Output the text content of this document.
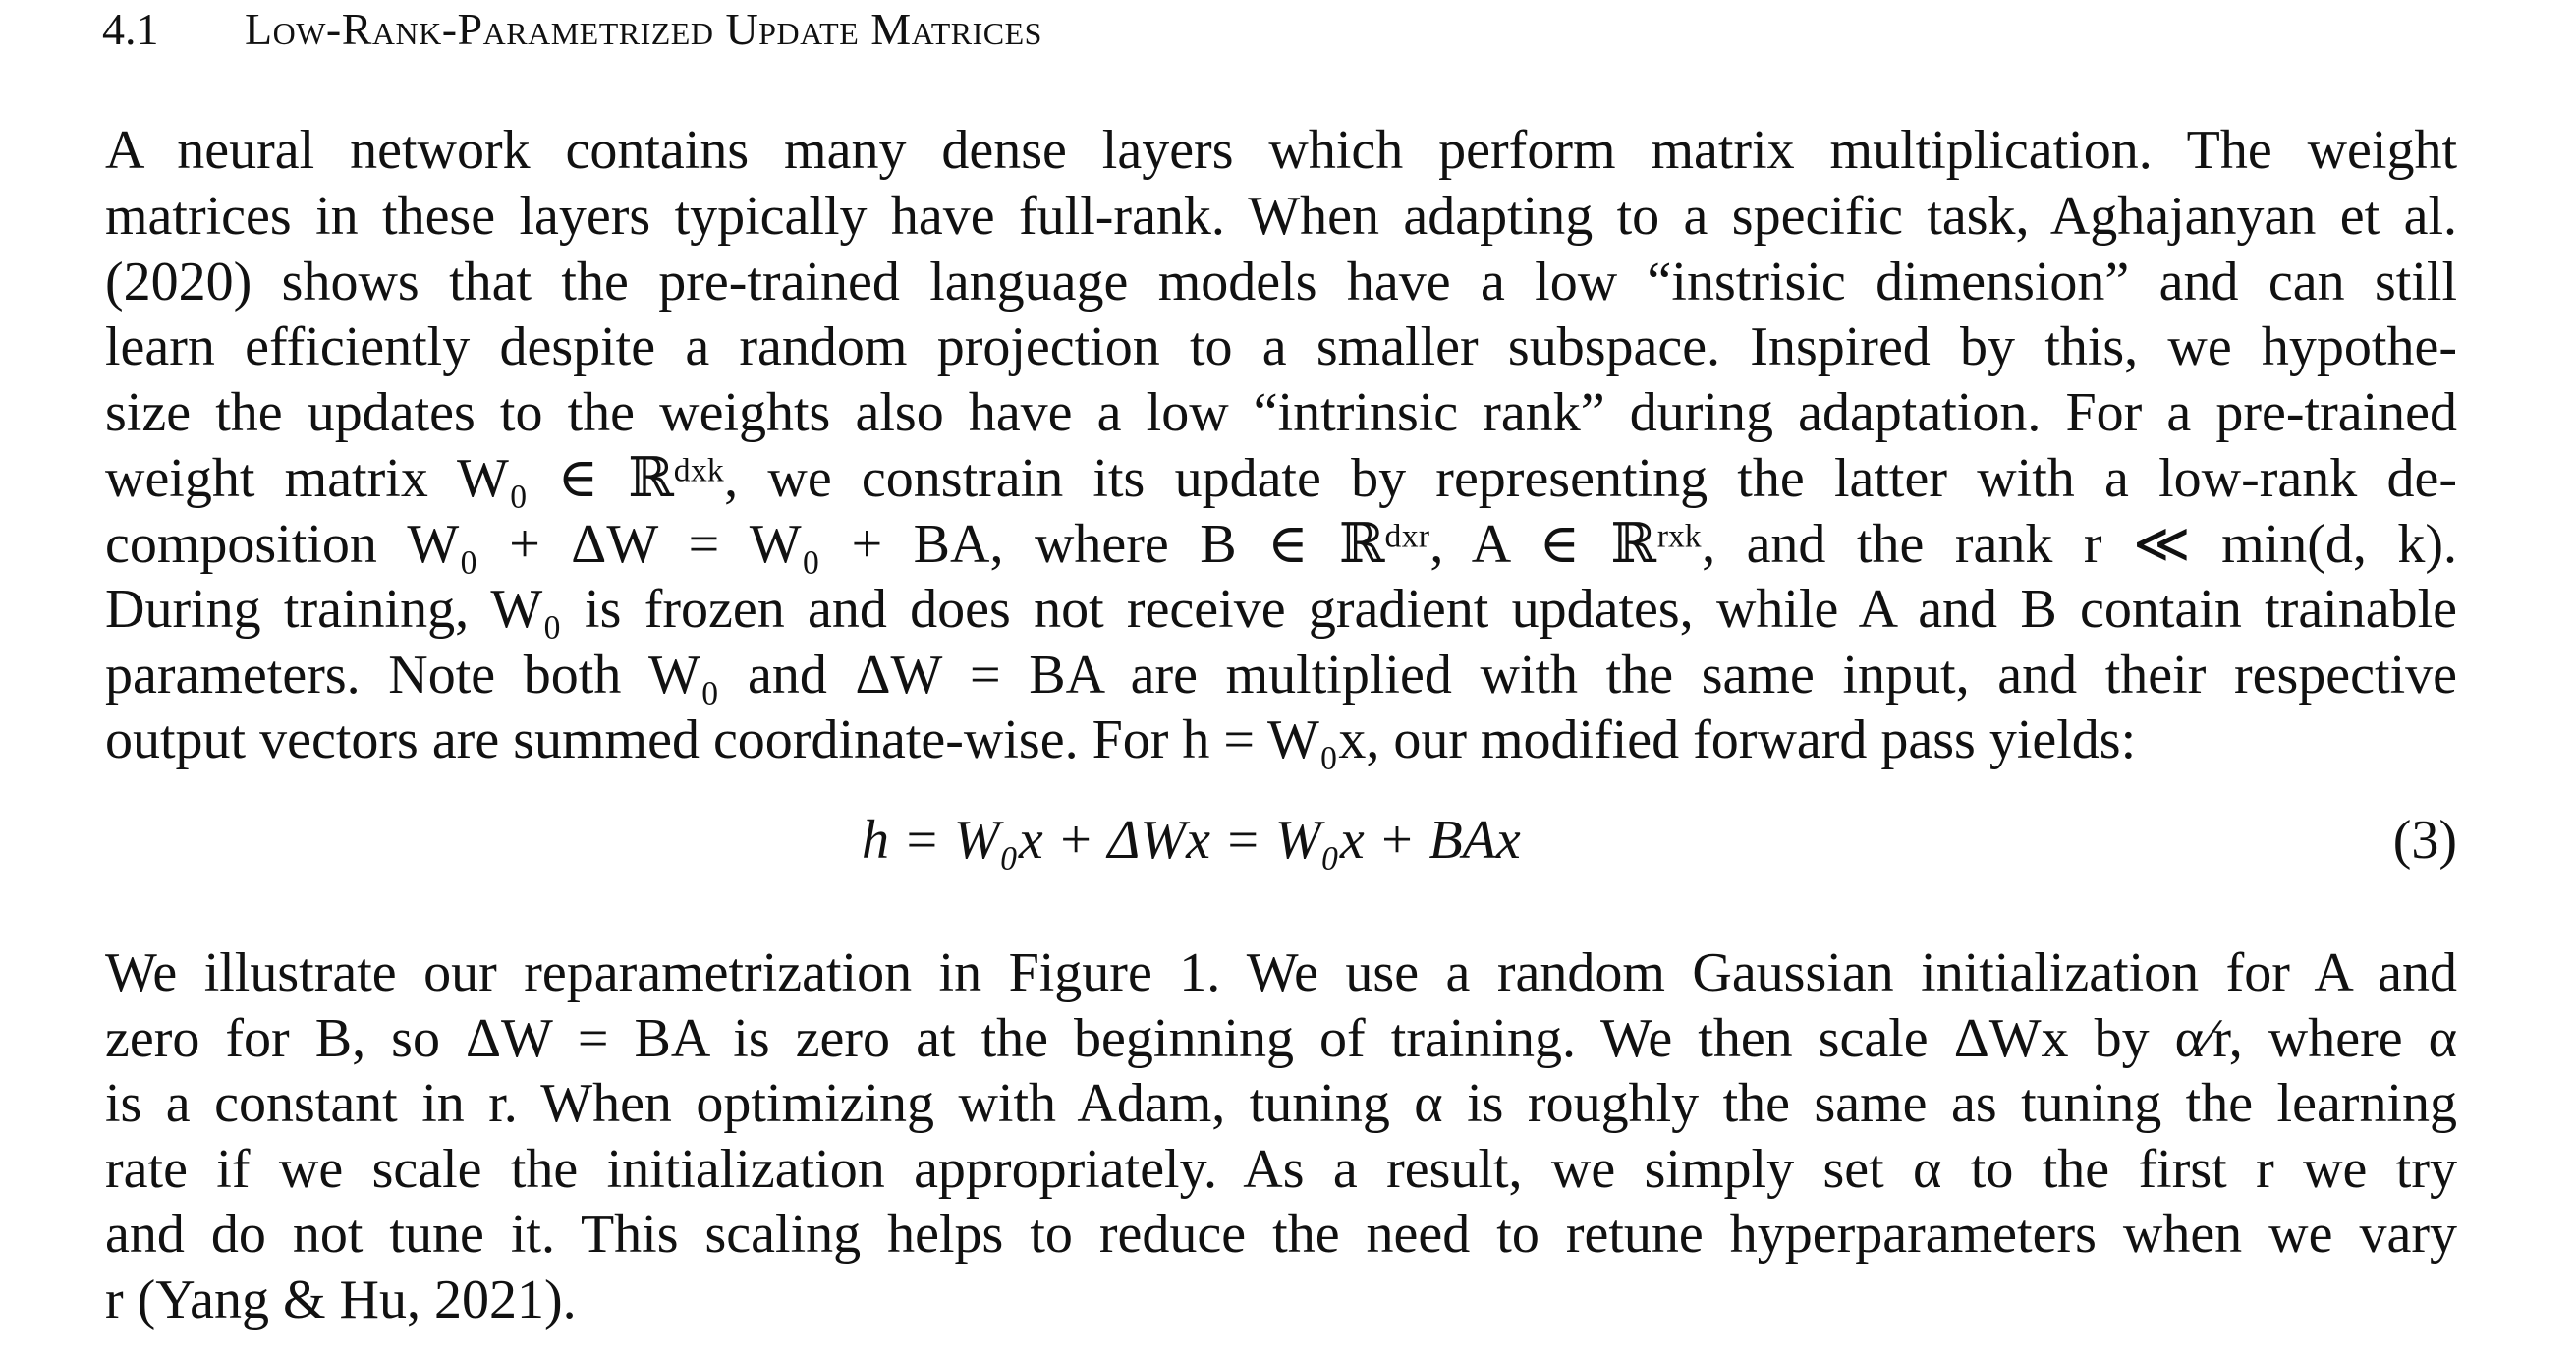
4.1 Low-Rank-Parametrized Update Matrices
A neural network contains many dense layers which perform matrix multiplication. The weight
matrices in these layers typically have full-rank. When adapting to a specific task, Aghajanyan et al.
(2020) shows that the pre-trained language models have a low “instrisic dimension” and can still
learn efficiently despite a random projection to a smaller subspace. Inspired by this, we hypothe-
size the updates to the weights also have a low “intrinsic rank” during adaptation. For a pre-trained
weight matrix W₀ ∈ ℝᵈˣᵏ, we constrain its update by representing the latter with a low-rank de-
composition W₀ + ΔW = W₀ + BA, where B ∈ ℝᵈˣʳ, A ∈ ℝʳˣᵏ, and the rank r ≪ min(d, k).
During training, W₀ is frozen and does not receive gradient updates, while A and B contain trainable
parameters. Note both W₀ and ΔW = BA are multiplied with the same input, and their respective
output vectors are summed coordinate-wise. For h = W₀x, our modified forward pass yields:
h = W₀x + ΔWx = W₀x + BAx	(3)
We illustrate our reparametrization in Figure 1. We use a random Gaussian initialization for A and
zero for B, so ΔW = BA is zero at the beginning of training. We then scale ΔWx by α⁄r, where α
is a constant in r. When optimizing with Adam, tuning α is roughly the same as tuning the learning
rate if we scale the initialization appropriately. As a result, we simply set α to the first r we try
and do not tune it. This scaling helps to reduce the need to retune hyperparameters when we vary
r (Yang & Hu, 2021).
